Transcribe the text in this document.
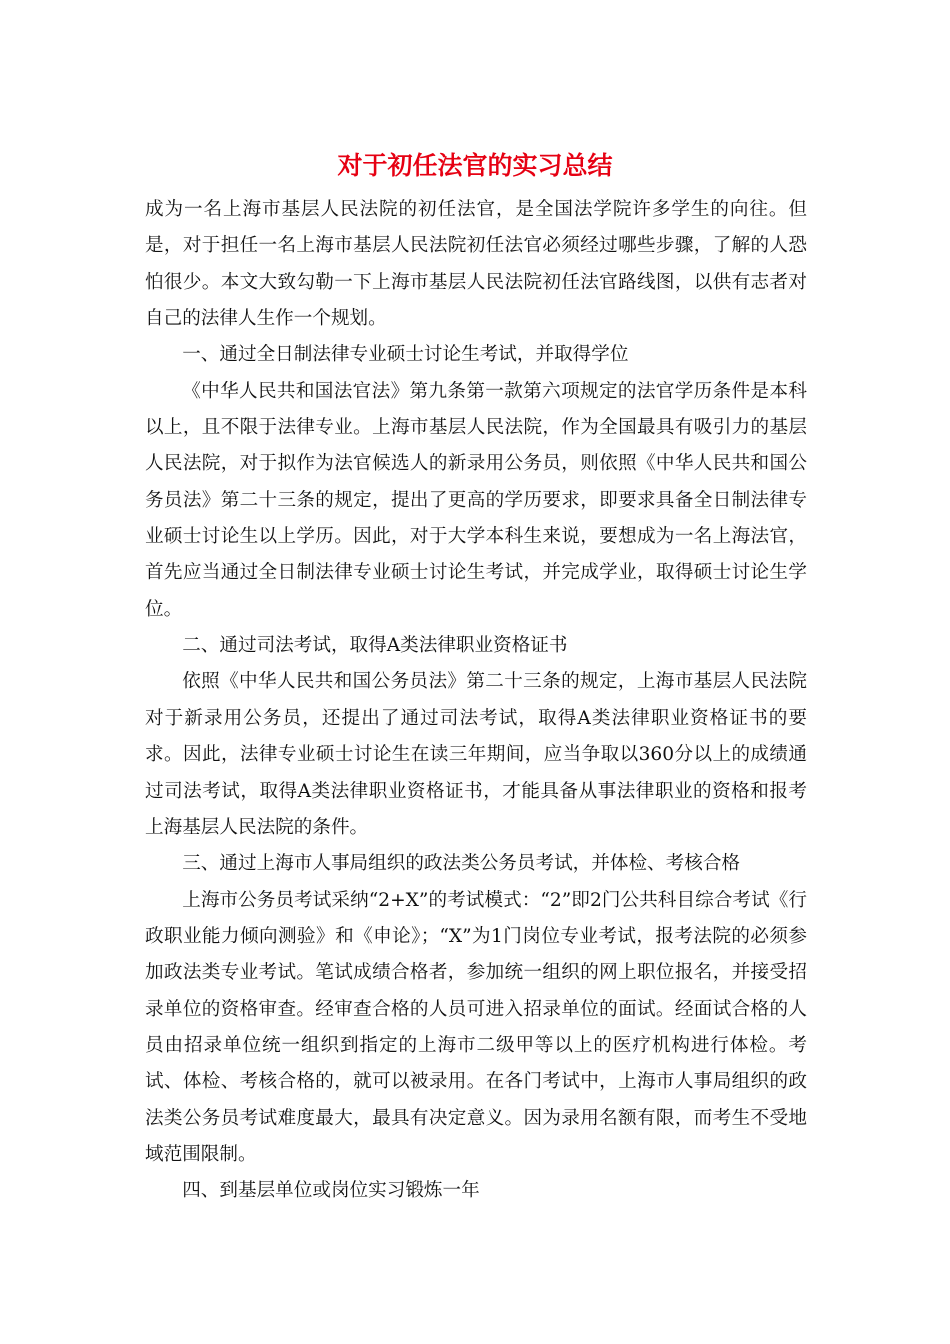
对于初任法官的实习总结

成为一名上海市基层人民法院的初任法官，是全国法学院许多学生的向往。但是，对于担任一名上海市基层人民法院初任法官必须经过哪些步骤，了解的人恐怕很少。本文大致勾勒一下上海市基层人民法院初任法官路线图，以供有志者对自己的法律人生作一个规划。

一、通过全日制法律专业硕士讨论生考试，并取得学位

《中华人民共和国法官法》第九条第一款第六项规定的法官学历条件是本科以上，且不限于法律专业。上海市基层人民法院，作为全国最具有吸引力的基层人民法院，对于拟作为法官候选人的新录用公务员，则依照《中华人民共和国公务员法》第二十三条的规定，提出了更高的学历要求，即要求具备全日制法律专业硕士讨论生以上学历。因此，对于大学本科生来说，要想成为一名上海法官，首先应当通过全日制法律专业硕士讨论生考试，并完成学业，取得硕士讨论生学位。

二、通过司法考试，取得A类法律职业资格证书

依照《中华人民共和国公务员法》第二十三条的规定，上海市基层人民法院对于新录用公务员，还提出了通过司法考试，取得A类法律职业资格证书的要求。因此，法律专业硕士讨论生在读三年期间，应当争取以360分以上的成绩通过司法考试，取得A类法律职业资格证书，才能具备从事法律职业的资格和报考上海基层人民法院的条件。

三、通过上海市人事局组织的政法类公务员考试，并体检、考核合格

上海市公务员考试采纳“2+X”的考试模式：“2”即2门公共科目综合考试《行政职业能力倾向测验》和《申论》；“X”为1门岗位专业考试，报考法院的必须参加政法类专业考试。笔试成绩合格者，参加统一组织的网上职位报名，并接受招录单位的资格审查。经审查合格的人员可进入招录单位的面试。经面试合格的人员由招录单位统一组织到指定的上海市二级甲等以上的医疗机构进行体检。考试、体检、考核合格的，就可以被录用。在各门考试中，上海市人事局组织的政法类公务员考试难度最大，最具有决定意义。因为录用名额有限，而考生不受地域范围限制。

四、到基层单位或岗位实习锻炼一年
